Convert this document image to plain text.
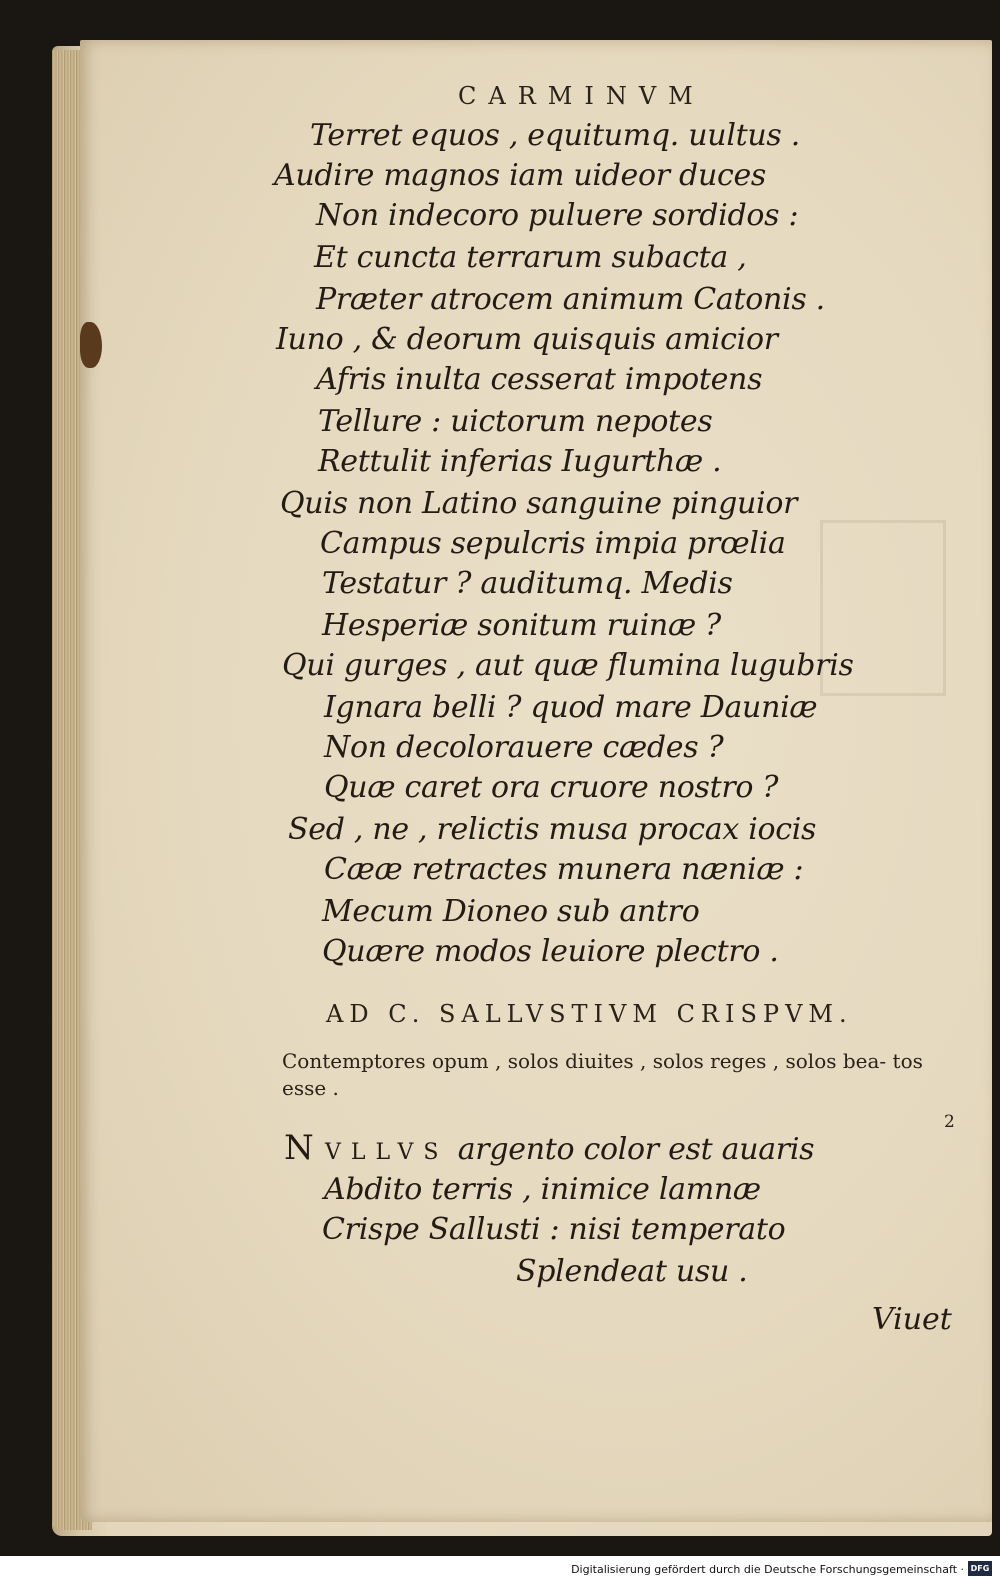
CARMINVM
Terret equos , equitumq. uultus .
Audire magnos iam uideor duces
Non indecoro puluere sordidos :
Et cuncta terrarum subacta ,
Præter atrocem animum Catonis .
Iuno , & deorum quisquis amicior
Afris inulta cesserat impotens
Tellure : uictorum nepotes
Rettulit inferias Iugurthæ .
Quis non Latino sanguine pinguior
Campus sepulcris impia prœlia
Testatur ? auditumq. Medis
Hesperiæ sonitum ruinæ ?
Qui gurges , aut quæ flumina lugubris
Ignara belli ? quod mare Dauniæ
Non decolorauere cædes ?
Quæ caret ora cruore nostro ?
Sed , ne , relictis musa procax iocis
Cææ retractes munera næniæ :
Mecum Dioneo sub antro
Quære modos leuiore plectro .
AD C. SALLVSTIVM CRISPVM.
Contemptores opum , solos diuites , solos reges , solos bea- tos esse .
2
N VLLVS argento color est auaris
Abdito terris , inimice lamnæ
Crispe Sallusti : nisi temperato
Splendeat usu .
Viuet
Digitalisierung gefördert durch die Deutsche Forschungsgemeinschaft · DFG
